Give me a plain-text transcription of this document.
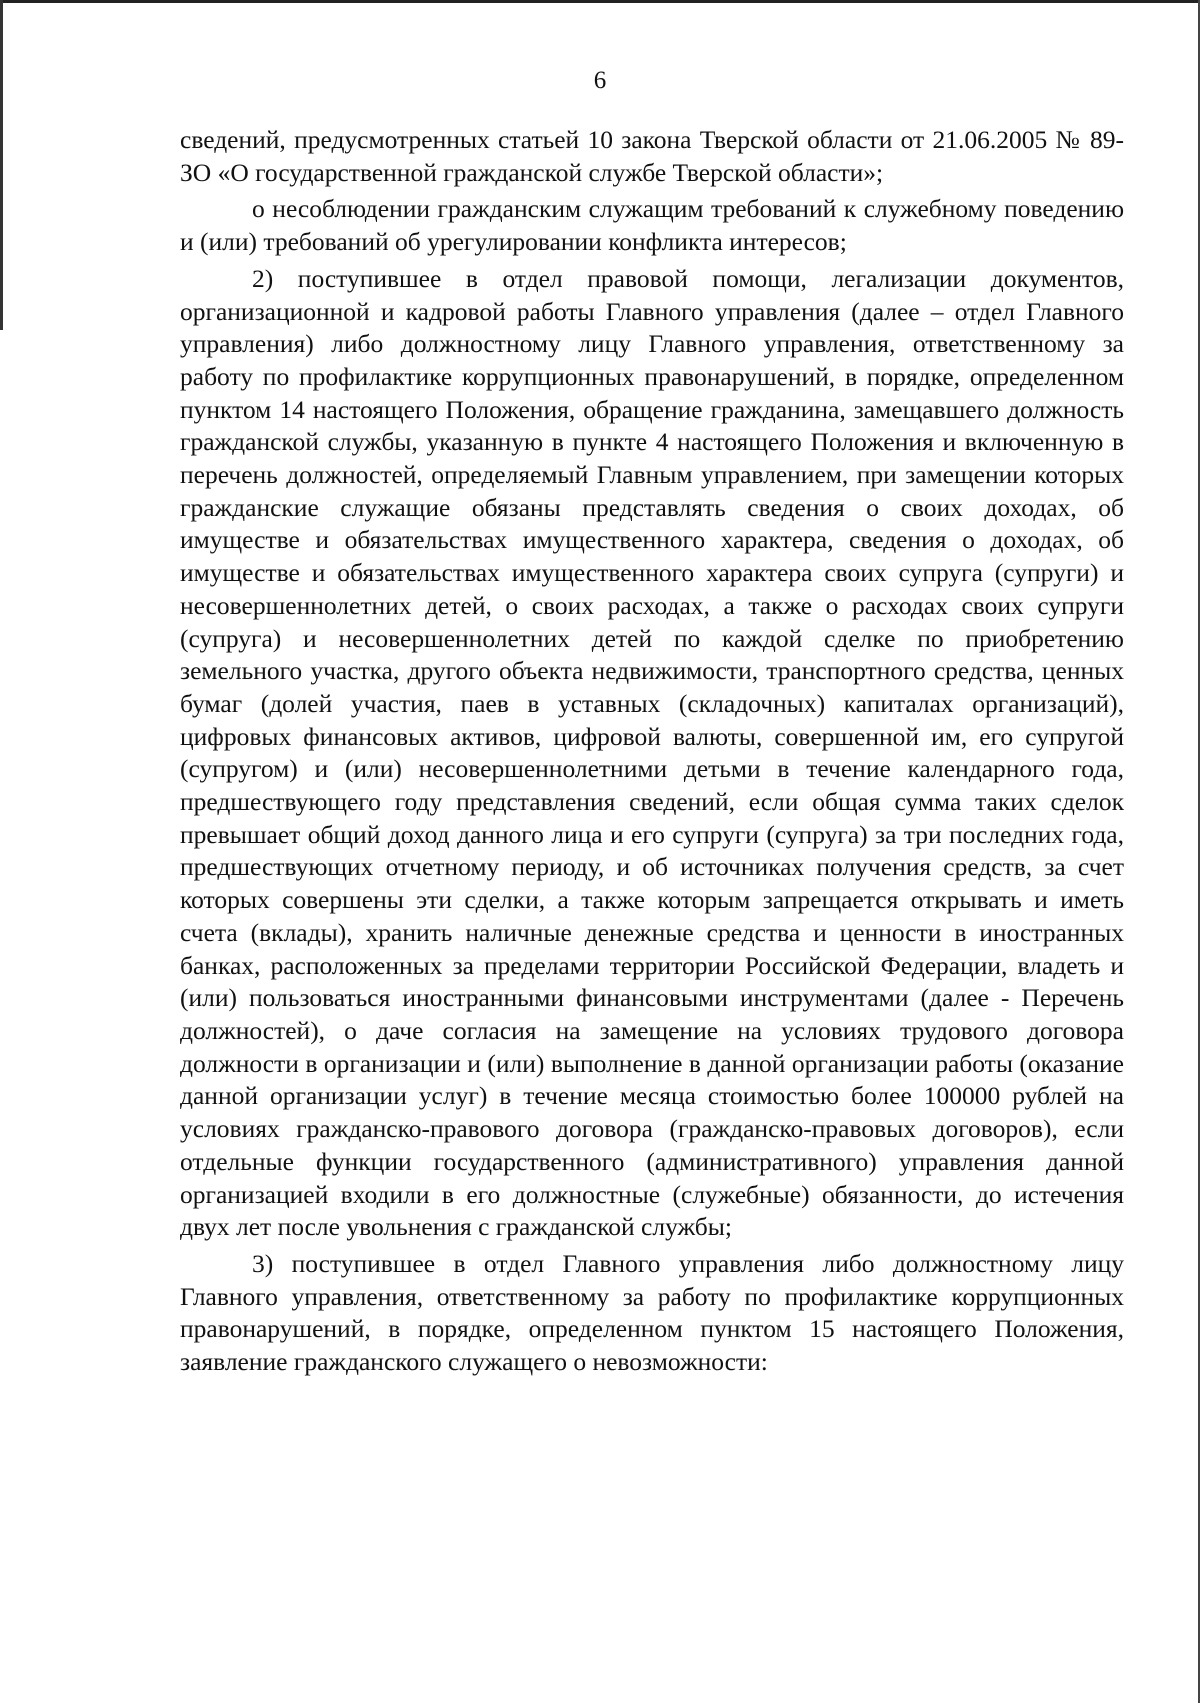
6

сведений, предусмотренных статьей 10 закона Тверской области от 21.06.2005 № 89-ЗО «О государственной гражданской службе Тверской области»;

о несоблюдении гражданским служащим требований к служебному поведению и (или) требований об урегулировании конфликта интересов;

2) поступившее в отдел правовой помощи, легализации документов, организационной и кадровой работы Главного управления (далее – отдел Главного управления) либо должностному лицу Главного управления, ответственному за работу по профилактике коррупционных правонарушений, в порядке, определенном пунктом 14 настоящего Положения, обращение гражданина, замещавшего должность гражданской службы, указанную в пункте 4 настоящего Положения и включенную в перечень должностей, определяемый Главным управлением, при замещении которых гражданские служащие обязаны представлять сведения о своих доходах, об имуществе и обязательствах имущественного характера, сведения о доходах, об имуществе и обязательствах имущественного характера своих супруга (супруги) и несовершеннолетних детей, о своих расходах, а также о расходах своих супруги (супруга) и несовершеннолетних детей по каждой сделке по приобретению земельного участка, другого объекта недвижимости, транспортного средства, ценных бумаг (долей участия, паев в уставных (складочных) капиталах организаций), цифровых финансовых активов, цифровой валюты, совершенной им, его супругой (супругом) и (или) несовершеннолетними детьми в течение календарного года, предшествующего году представления сведений, если общая сумма таких сделок превышает общий доход данного лица и его супруги (супруга) за три последних года, предшествующих отчетному периоду, и об источниках получения средств, за счет которых совершены эти сделки, а также которым запрещается открывать и иметь счета (вклады), хранить наличные денежные средства и ценности в иностранных банках, расположенных за пределами территории Российской Федерации, владеть и (или) пользоваться иностранными финансовыми инструментами (далее - Перечень должностей), о даче согласия на замещение на условиях трудового договора должности в организации и (или) выполнение в данной организации работы (оказание данной организации услуг) в течение месяца стоимостью более 100000 рублей на условиях гражданско-правового договора (гражданско-правовых договоров), если отдельные функции государственного (административного) управления данной организацией входили в его должностные (служебные) обязанности, до истечения двух лет после увольнения с гражданской службы;

3) поступившее в отдел Главного управления либо должностному лицу Главного управления, ответственному за работу по профилактике коррупционных правонарушений, в порядке, определенном пунктом 15 настоящего Положения, заявление гражданского служащего о невозможности:
